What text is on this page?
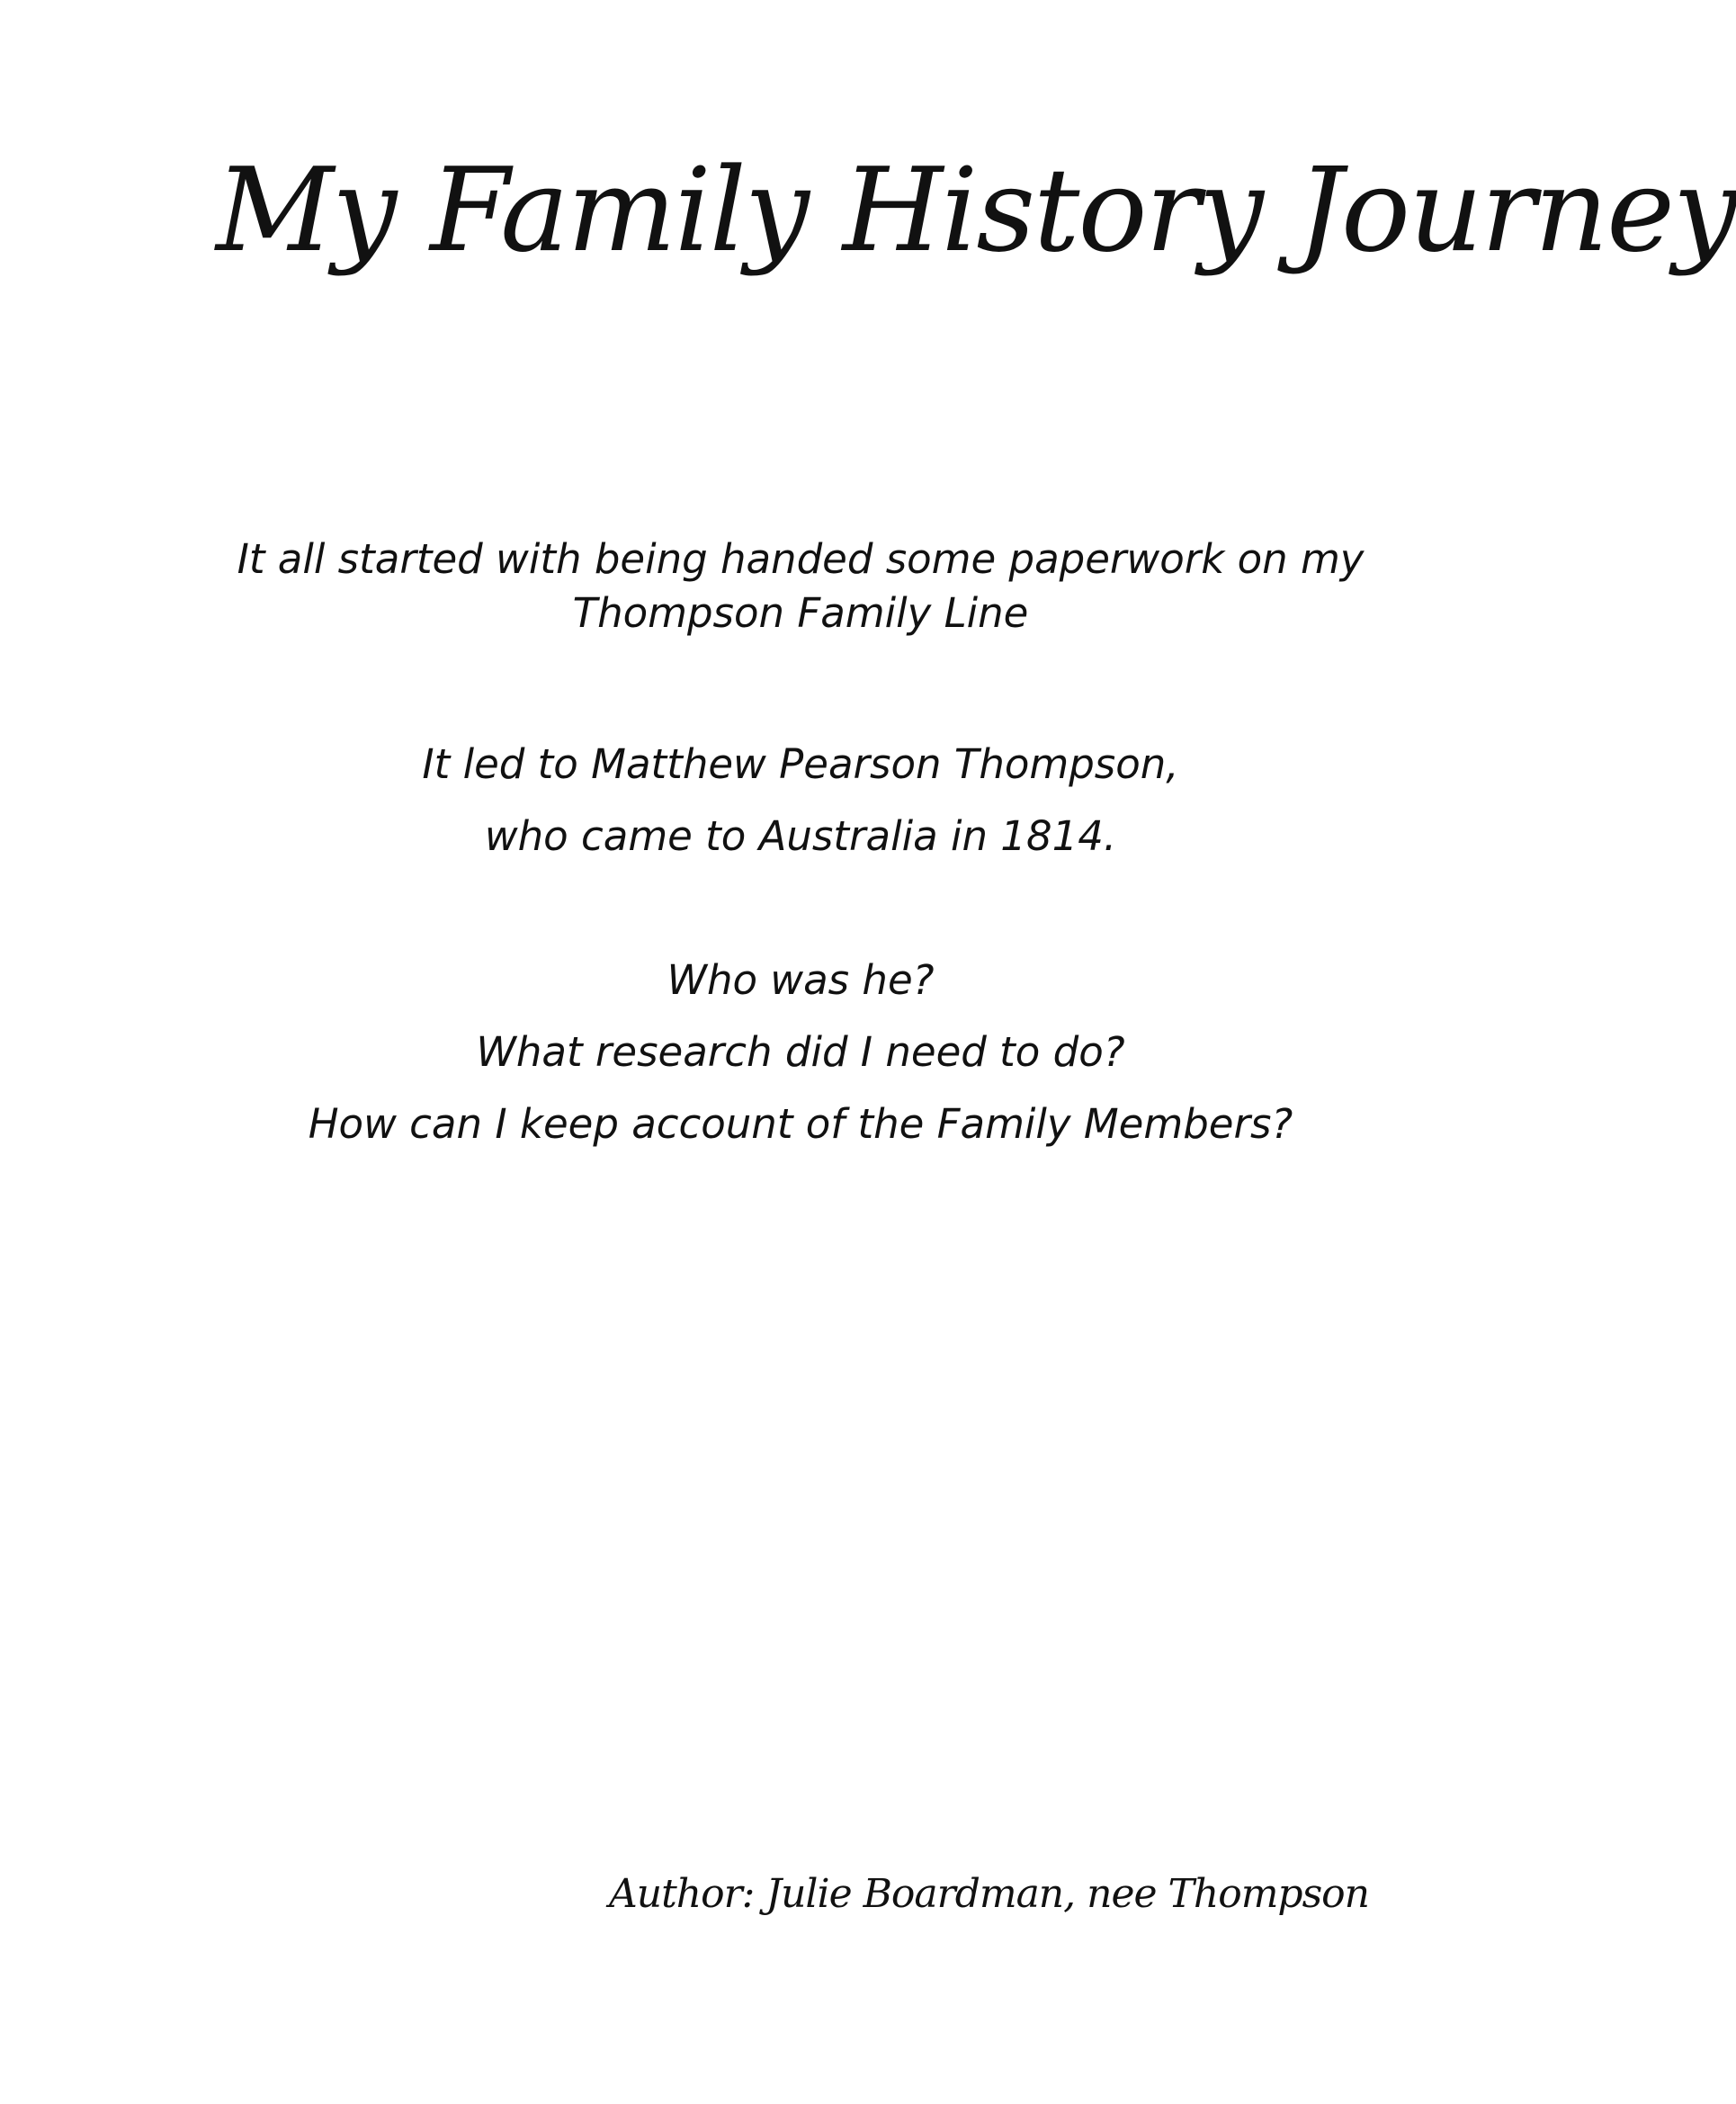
My Family History Journey
It all started with being handed some paperwork on my
Thompson Family Line
It led to Matthew Pearson Thompson,
who came to Australia in 1814.
Who was he?
What research did I need to do?
How can I keep account of the Family Members?

Author: Julie Boardman, nee Thompson
